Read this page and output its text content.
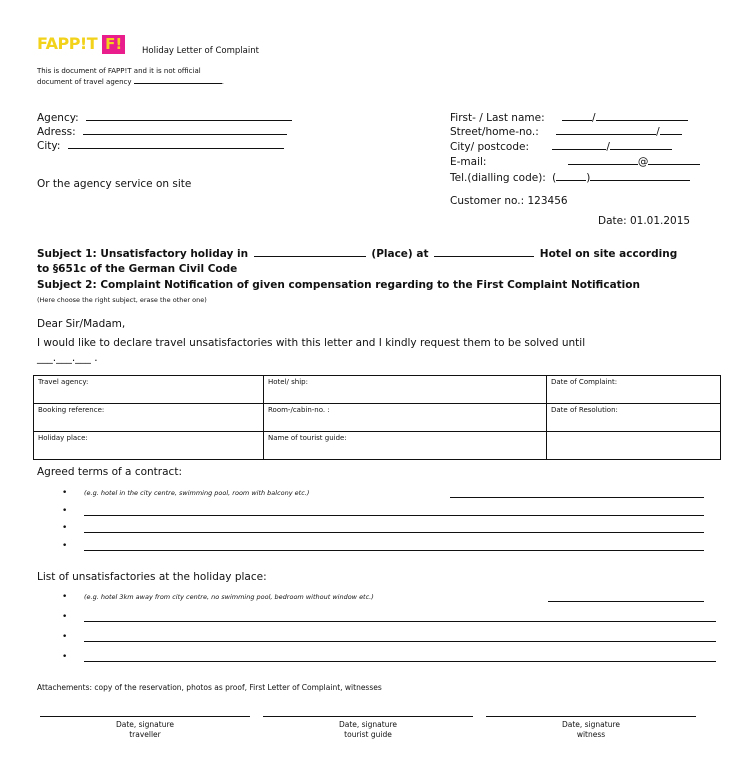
FAPP!T F!	Holiday Letter of Complaint
This is document of FAPP!T and it is not official
document of travel agency	.
Agency:
Adress:
City:
Or the agency service on site
First- / Last name:	/
Street/home-no.:	/
City/ postcode:	/
E-mail:	@
Tel.(dialling code): (	)
Customer no.: 123456
Date: 01.01.2015
Subject 1: Unsatisfactory holiday in	(Place) at	Hotel on site according
to §651c of the German Civil Code
Subject 2: Complaint Notification of given compensation regarding to the First Complaint Notification
(Here choose the right subject, erase the other one)
Dear Sir/Madam,
I would like to declare travel unsatisfactories with this letter and I kindly request them to be solved until
___.___.___ .
Travel agency:	Hotel/ ship:	Date of Complaint:
Booking reference:	Room-/cabin-no. :	Date of Resolution:
Holiday place:	Name of tourist guide:	
Agreed terms of a contract:
•	(e.g. hotel in the city centre, swimming pool, room with balcony etc.)
•
•
•
List of unsatisfactories at the holiday place:
•	(e.g. hotel 3km away from city centre, no swimming pool, bedroom without window etc.)
•
•
•
Attachements: copy of the reservation, photos as proof, First Letter of Complaint, witnesses
Date, signature
traveller
Date, signature
tourist guide
Date, signature
witness
